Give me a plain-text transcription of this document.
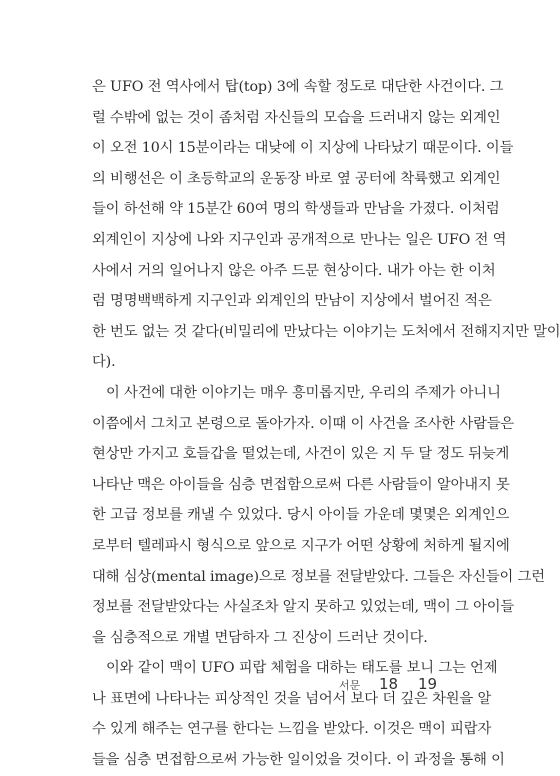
은 UFO 전 역사에서 탑(top) 3에 속할 정도로 대단한 사건이다. 그
럴 수밖에 없는 것이 좀처럼 자신들의 모습을 드러내지 않는 외계인
이 오전 10시 15분이라는 대낮에 이 지상에 나타났기 때문이다. 이들
의 비행선은 이 초등학교의 운동장 바로 옆 공터에 착륙했고 외계인
들이 하선해 약 15분간 60여 명의 학생들과 만남을 가졌다. 이처럼
외계인이 지상에 나와 지구인과 공개적으로 만나는 일은 UFO 전 역
사에서 거의 일어나지 않은 아주 드문 현상이다. 내가 아는 한 이처
럼 명명백백하게 지구인과 외계인의 만남이 지상에서 벌어진 적은
한 번도 없는 것 같다(비밀리에 만났다는 이야기는 도처에서 전해지지만 말이
다).
이 사건에 대한 이야기는 매우 흥미롭지만, 우리의 주제가 아니니
이쯤에서 그치고 본령으로 돌아가자. 이때 이 사건을 조사한 사람들은
현상만 가지고 호들갑을 떨었는데, 사건이 있은 지 두 달 정도 뒤늦게
나타난 맥은 아이들을 심층 면접함으로써 다른 사람들이 알아내지 못
한 고급 정보를 캐낼 수 있었다. 당시 아이들 가운데 몇몇은 외계인으
로부터 텔레파시 형식으로 앞으로 지구가 어떤 상황에 처하게 될지에
대해 심상(mental image)으로 정보를 전달받았다. 그들은 자신들이 그런
정보를 전달받았다는 사실조차 알지 못하고 있었는데, 맥이 그 아이들
을 심층적으로 개별 면담하자 그 진상이 드러난 것이다.
이와 같이 맥이 UFO 피랍 체험을 대하는 태도를 보니 그는 언제
나 표면에 나타나는 피상적인 것을 넘어서 보다 더 깊은 차원을 알
수 있게 해주는 연구를 한다는 느낌을 받았다. 이것은 맥이 피랍자
들을 심층 면접함으로써 가능한 일이었을 것이다. 이 과정을 통해 이
서문 18 19
